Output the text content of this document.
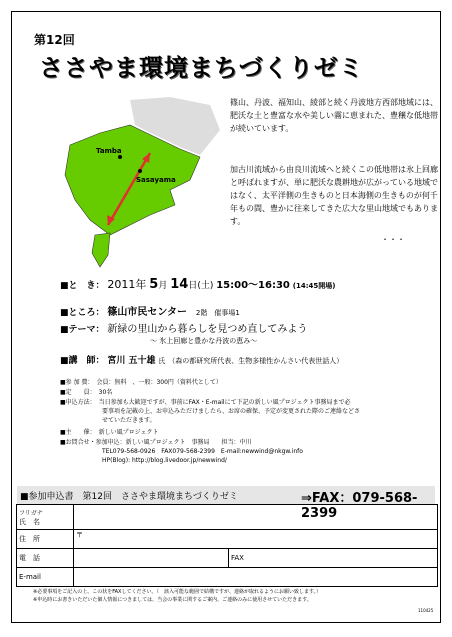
第12回
ささやま環境まちづくりゼミ
Tamba
Sasayama
篠山、丹波、福知山、綾部と続く丹波地方西部地域には、肥沃な土と豊富な水や美しい霧に恵まれた、豊穣な低地帯が続いています。
加古川流域から由良川流域へと続くこの低地帯は氷上回廊と呼ばれますが、単に肥沃な農耕地が広がっている地域ではなく、太平洋側の生きものと日本海側の生きものが何千年もの間、豊かに往来してきた広大な里山地域でもあります。
・・・
■と　き： 2011年 5月 14日(土) 15:00～16:30 (14:45開場)
■ところ： 篠山市民センター 2階　催事場1
■テーマ： 新緑の里山から暮らしを見つめ直してみよう
～ 氷上回廊と豊かな丹波の恵み～
■講　師： 宮川 五十雄 氏 （森の都研究所代表、生物多様性かんさい代表世話人）
■参 加 費：　会員：無料　、一般：300円（資料代として）
■定　　員：　30名
■申込方法：　当日参加も大歓迎ですが、事前にFAX・E-mailにて下記の新しい風プロジェクト事務局まで必
　　　　　　　要事項を記載の上、お申込みただけましたら、お席の確保、予定が変更された際のご連絡などさ
　　　　　　　せていただきます。
■主　　催：　新しい風プロジェクト
■お問合せ・参加申込：新しい風プロジェクト　事務局　　担当：中川
　　　　　　　TEL079-568-0926　FAX079-568-2399　E-mail:newwind@nkgw.info
　　　　　　　HP(Blog): http://blog.livedoor.jp/newwind/
■参加申込書　第12回　ささやま環境まちづくりゼミ	⇒FAX：079-568-2399
フリガナ
氏　名			

住　所	〒		
電　話		FAX	
E-mail			
※必要事項をご記入の上、この状をFAXしてください。（　該入可能な範囲で結構ですが、連絡が取れるようにお願い致します。）
※申込時にお書きいただいた個人情報につきましては、当会の事業に関するご案内、ご連絡のみに使用させていただきます。
110425
